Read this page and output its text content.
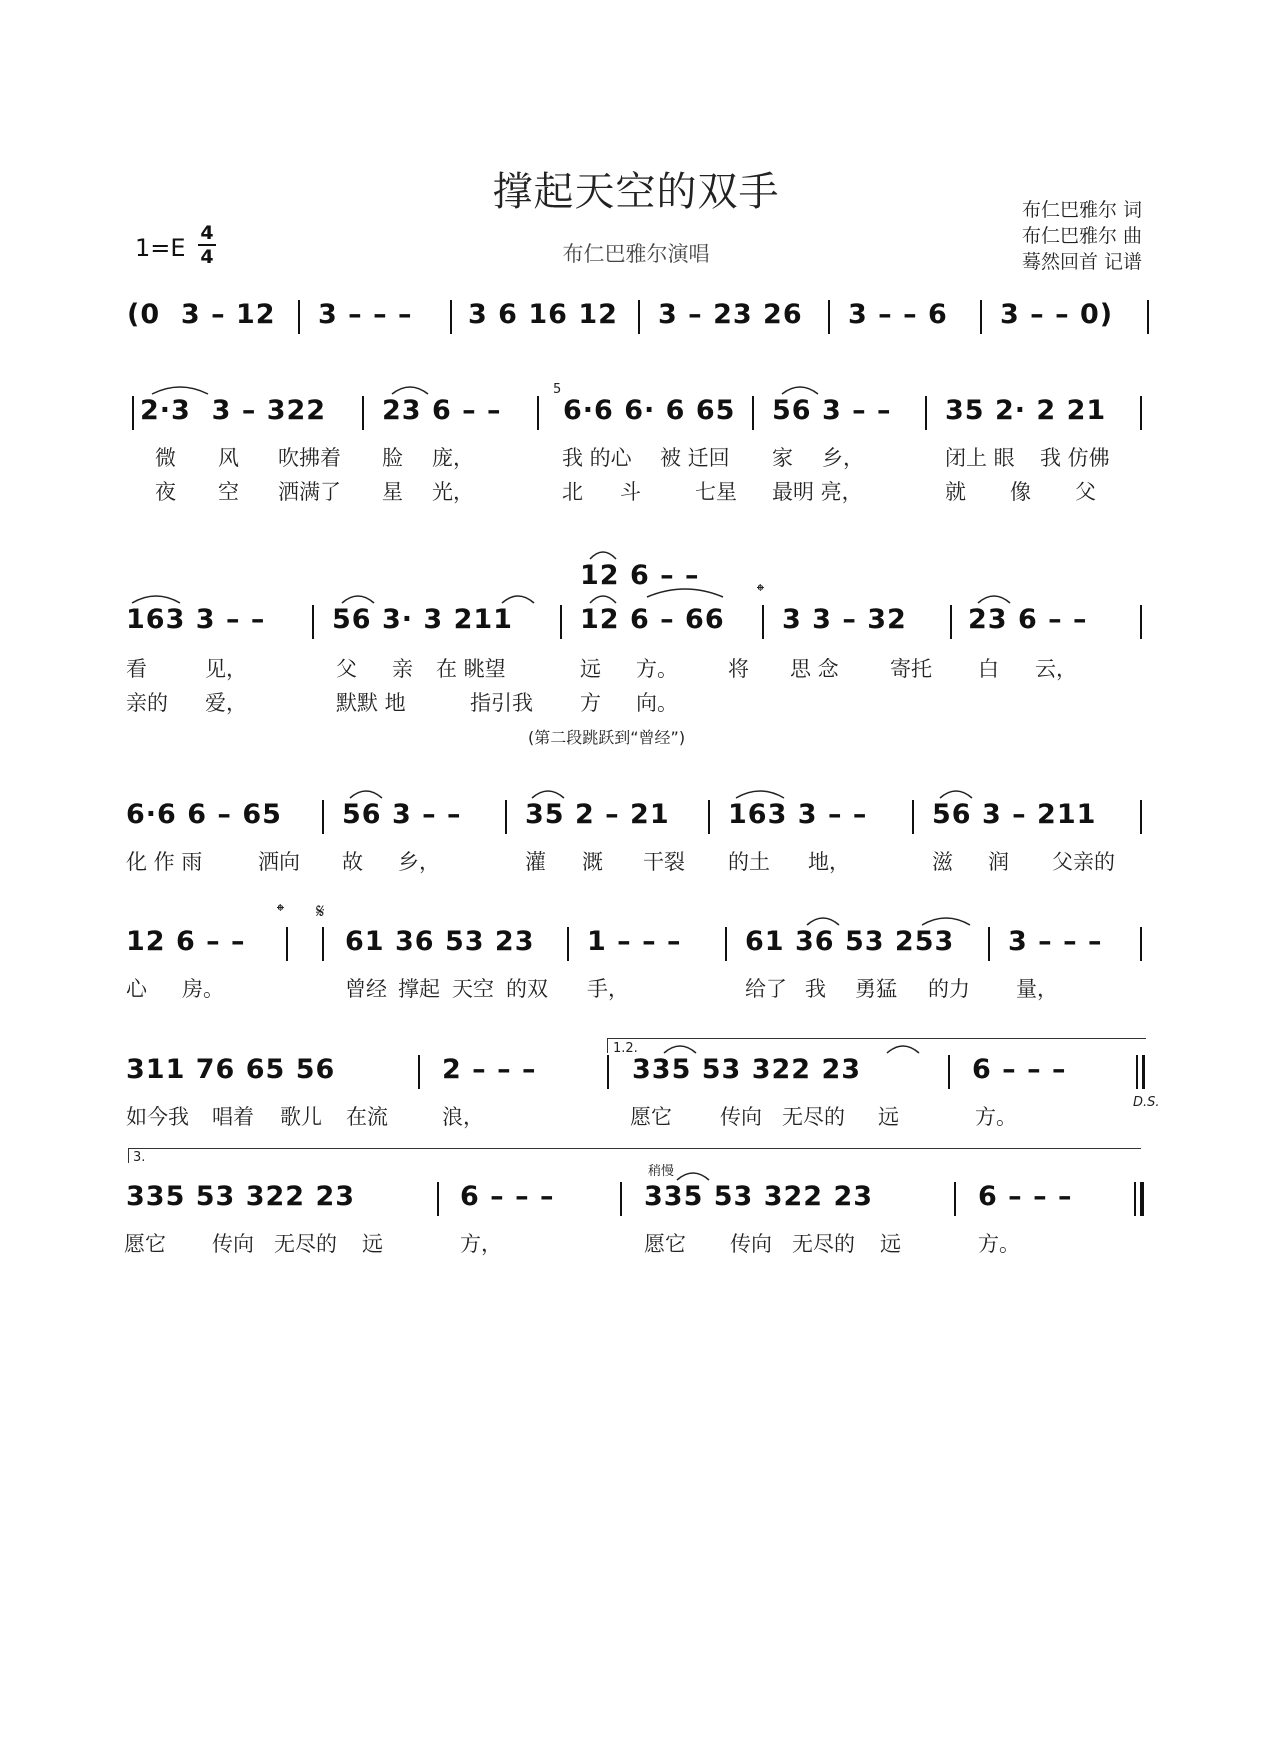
撑起天空的双手
布仁巴雅尔演唱
1=E
4
4
布仁巴雅尔 词
布仁巴雅尔 曲
蓦然回首 记谱
(0  3 – 12 3 – – – 3 6 16 12 3 – 23 26 3 – – 6 3 – – 0)
2·3  3 – 322 23 6 – –
5
6·6 6· 6 65 56 3 – – 35 2· 2 21
微 风 吹拂着 脸 庞，	我 的心 被 迁回 家 乡，	闭上 眼 我 仿佛
夜 空 洒满了 星 光，	北 斗	七星 最明 亮，	就 像 父
12 6 – –	𝄌
163 3 – – 56 3· 3 211 12 6 – 66 3 3 – 32 23 6 – –
看	见，	父 亲 在 眺望	远 方。 将 思 念 寄托 白 云，
亲的 爱，	默默 地	指引我 方 向。
(第二段跳跃到“曾经”)
6·6 6 – 65 56 3 – – 35 2 – 21 163 3 – – 56 3 – 211
化 作 雨	洒向 故 乡，	灌 溉 干裂 的土 地，	滋 润 父亲的
𝄌 𝄋
12 6 – –	61 36 53 23 1 – – – 61 36 53 253 3 – – –
心 房。	曾经 撑起 天空 的双 手，	给了 我 勇猛 的力 量，
1.2.
311 76 65 56	2 – – –	335 53 322 23	6 – – –
D.S.
如今我 唱着 歌儿 在流	浪，	愿它 传向 无尽的 远	方。
3.
稍慢
335 53 322 23	6 – – –	335 53 322 23	6 – – –
愿它 传向 无尽的 远	方，	愿它 传向 无尽的 远	方。
